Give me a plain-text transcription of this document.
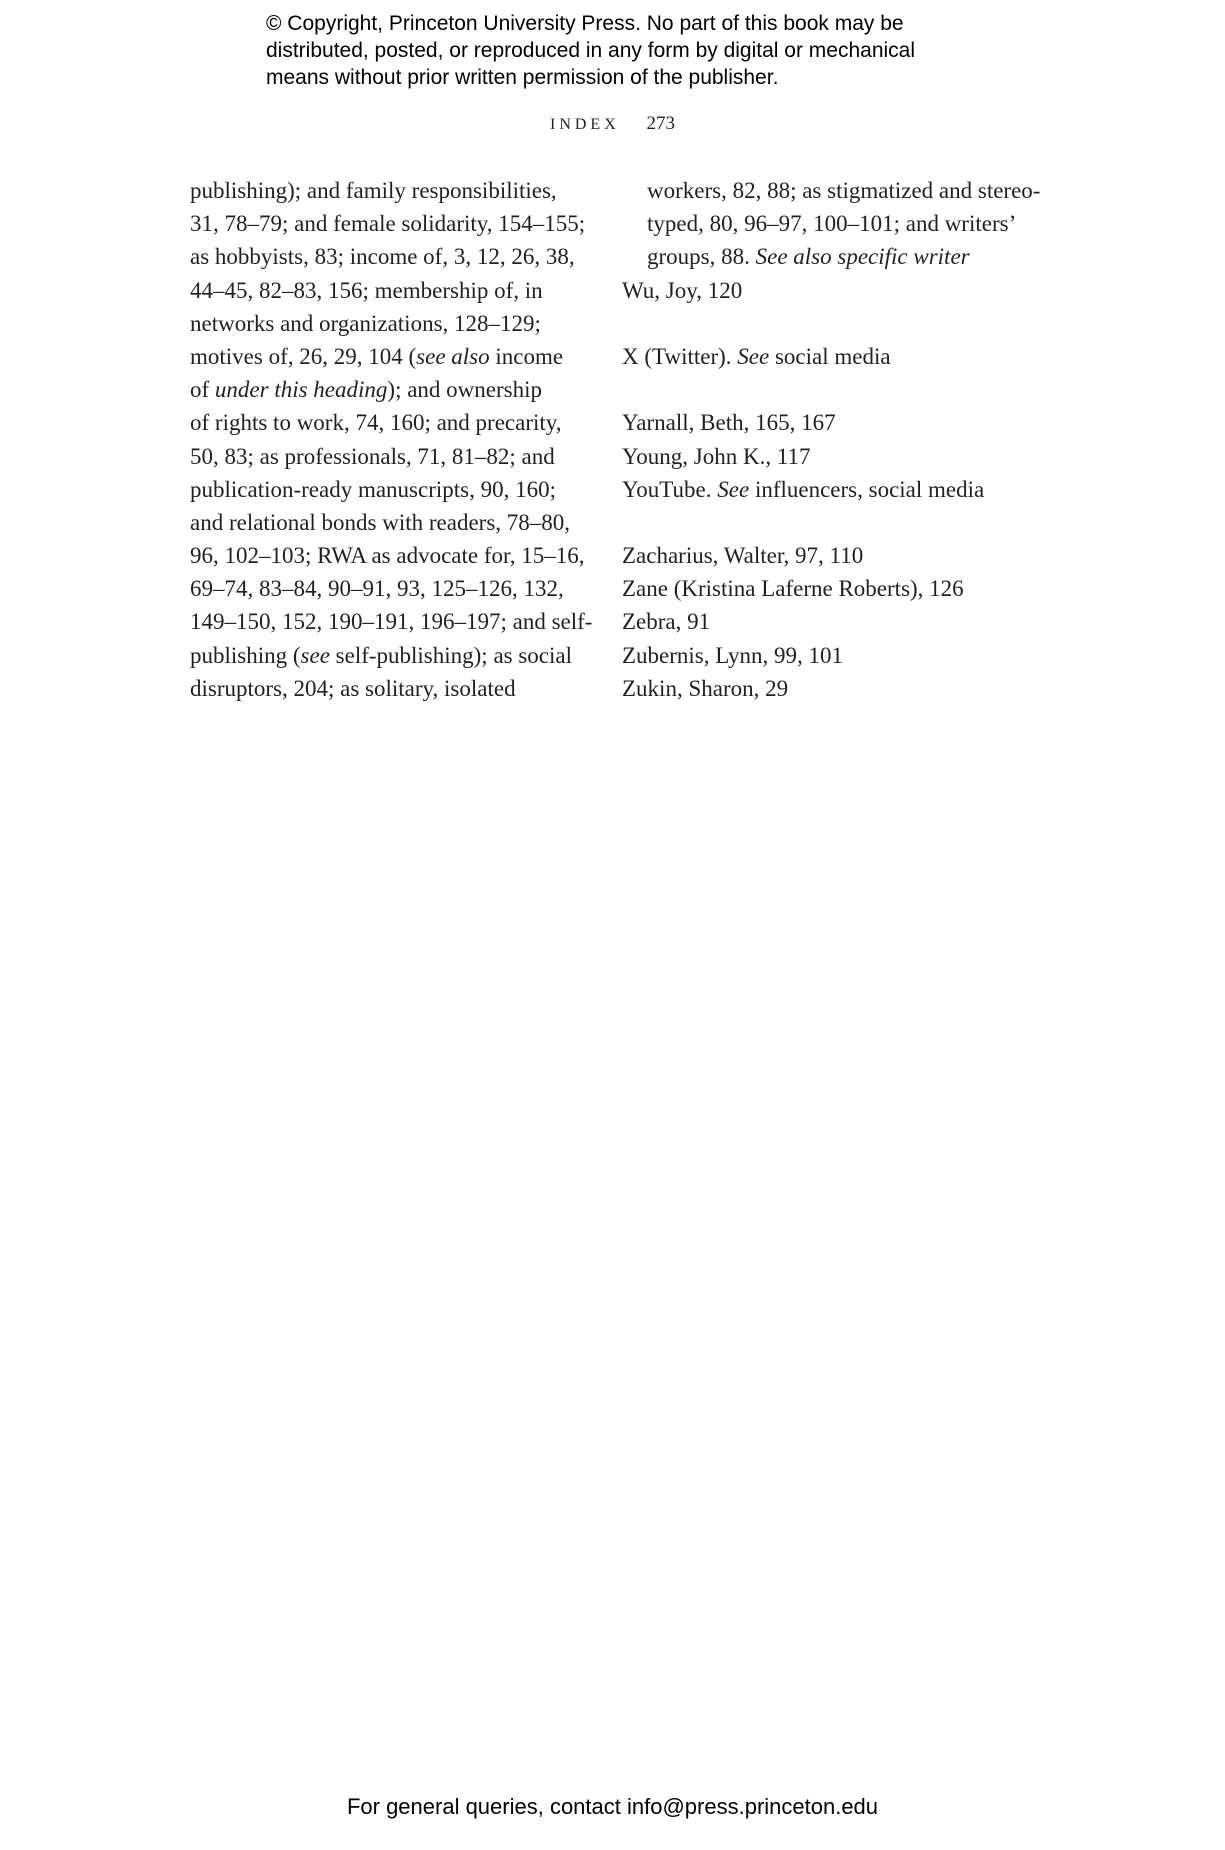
© Copyright, Princeton University Press. No part of this book may be
distributed, posted, or reproduced in any form by digital or mechanical
means without prior written permission of the publisher.
INDEX 273
publishing); and family responsibilities,
31, 78–79; and female solidarity, 154–155;
as hobbyists, 83; income of, 3, 12, 26, 38,
44–45, 82–83, 156; membership of, in
networks and organizations, 128–129;
motives of, 26, 29, 104 (see also income
of under this heading); and ownership
of rights to work, 74, 160; and precarity,
50, 83; as professionals, 71, 81–82; and
publication-ready manuscripts, 90, 160;
and relational bonds with readers, 78–80,
96, 102–103; RWA as advocate for, 15–16,
69–74, 83–84, 90–91, 93, 125–126, 132,
149–150, 152, 190–191, 196–197; and self-
publishing (see self-publishing); as social
disruptors, 204; as solitary, isolated
workers, 82, 88; as stigmatized and stereo-
typed, 80, 96–97, 100–101; and writers’
groups, 88. See also specific writer
Wu, Joy, 120
X (Twitter). See social media
Yarnall, Beth, 165, 167
Young, John K., 117
YouTube. See influencers, social media
Zacharius, Walter, 97, 110
Zane (Kristina Laferne Roberts), 126
Zebra, 91
Zubernis, Lynn, 99, 101
Zukin, Sharon, 29
For general queries, contact info@press.princeton.edu
